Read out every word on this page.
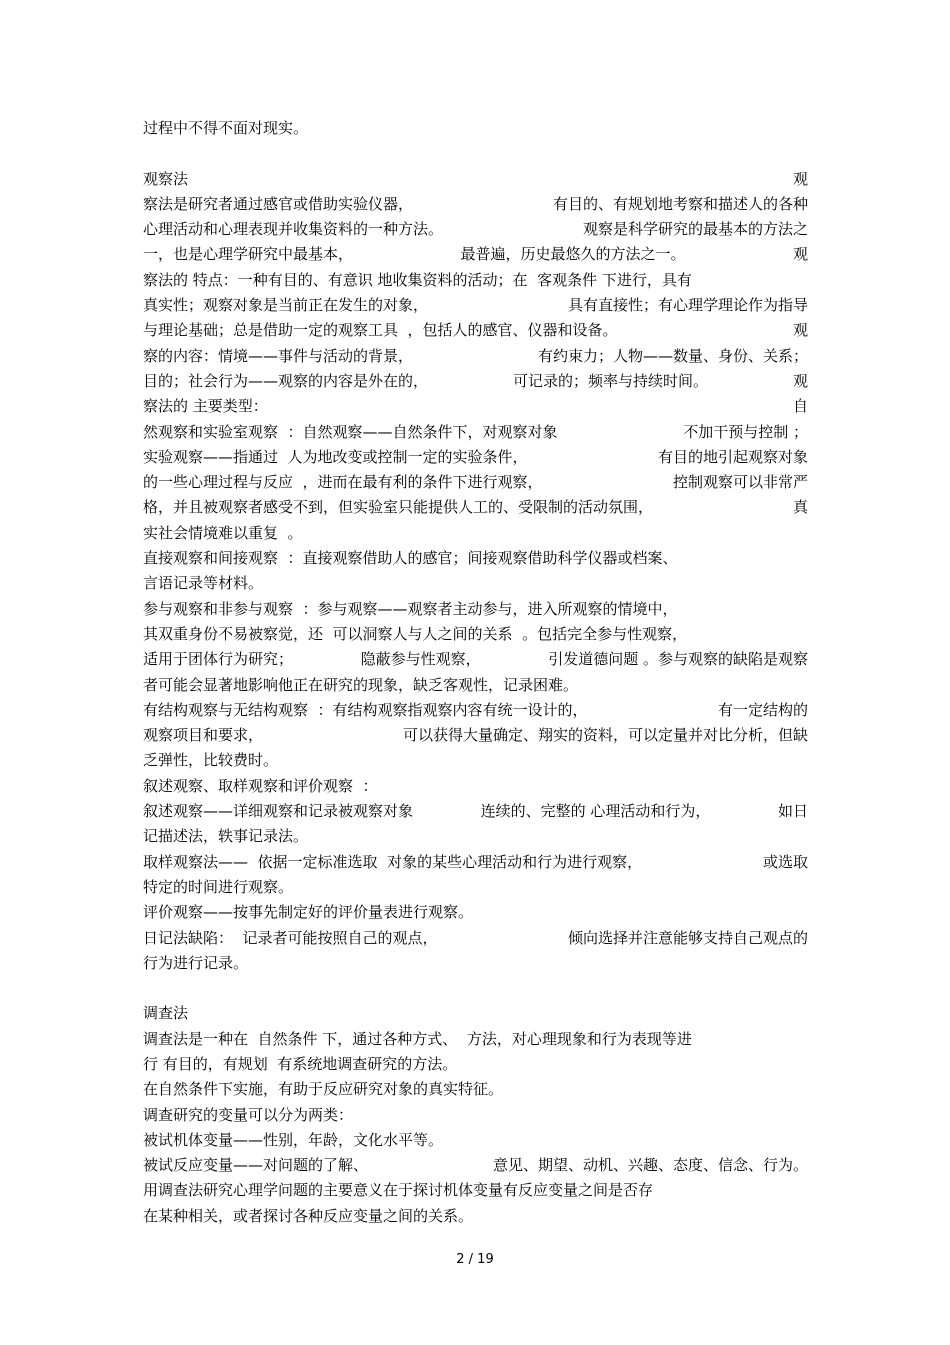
过程中不得不面对现实。
观察法	观
察法是研究者通过感官或借助实验仪器，	有目的、有规划地考察和描述人的各种
心理活动和心理表现并收集资料的一种方法。	观察是科学研究的最基本的方法之
一，也是心理学研究中最基本，	最普遍，历史最悠久的方法之一。	观
察法的 特点：一种有目的、有意识 地收集资料的活动；在  客观条件 下进行，具有
真实性；观察对象是当前正在发生的对象，	具有直接性；有心理学理论作为指导
与理论基础；总是借助一定的观察工具  ，包括人的感官、仪器和设备。	观
察的内容：情境——事件与活动的背景，	有约束力；人物——数量、身份、关系；
目的；社会行为——观察的内容是外在的，	可记录的；频率与持续时间。	观
察法的 主要类型：	自
然观察和实验室观察  ：自然观察——自然条件下，对观察对象	不加干预与控制 ；
实验观察——指通过  人为地改变或控制一定的实验条件，	有目的地引起观察对象
的一些心理过程与反应  ，进而在最有利的条件下进行观察，	控制观察可以非常严
格，并且被观察者感受不到，但实验室只能提供人工的、受限制的活动氛围，	真
实社会情境难以重复  。
直接观察和间接观察  ：直接观察借助人的感官；间接观察借助科学仪器或档案、
言语记录等材料。
参与观察和非参与观察  ：参与观察——观察者主动参与，进入所观察的情境中，
其双重身份不易被察觉，还  可以洞察人与人之间的关系  。包括完全参与性观察，
适用于团体行为研究；	隐蔽参与性观察，	引发道德问题 。参与观察的缺陷是观察
者可能会显著地影响他正在研究的现象，缺乏客观性，记录困难。
有结构观察与无结构观察  ：有结构观察指观察内容有统一设计的，	有一定结构的
观察项目和要求，	可以获得大量确定、翔实的资料，可以定量并对比分析，但缺
乏弹性，比较费时。
叙述观察、取样观察和评价观察  ：
叙述观察——详细观察和记录被观察对象	连续的、完整的 心理活动和行为，	如日
记描述法，轶事记录法。
取样观察法——  依据一定标准选取  对象的某些心理活动和行为进行观察，	或选取
特定的时间进行观察。
评价观察——按事先制定好的评价量表进行观察。
日记法缺陷：  记录者可能按照自己的观点，	倾向选择并注意能够支持自己观点的
行为进行记录。
调查法
调查法是一种在  自然条件 下，通过各种方式、  方法，对心理现象和行为表现等进
行 有目的，有规划  有系统地调查研究的方法。
在自然条件下实施，有助于反应研究对象的真实特征。
调查研究的变量可以分为两类：
被试机体变量——性别，年龄，文化水平等。
被试反应变量——对问题的了解、	意见、期望、动机、兴趣、态度、信念、行为。
用调查法研究心理学问题的主要意义在于探讨机体变量有反应变量之间是否存
在某种相关，或者探讨各种反应变量之间的关系。
2 / 19
